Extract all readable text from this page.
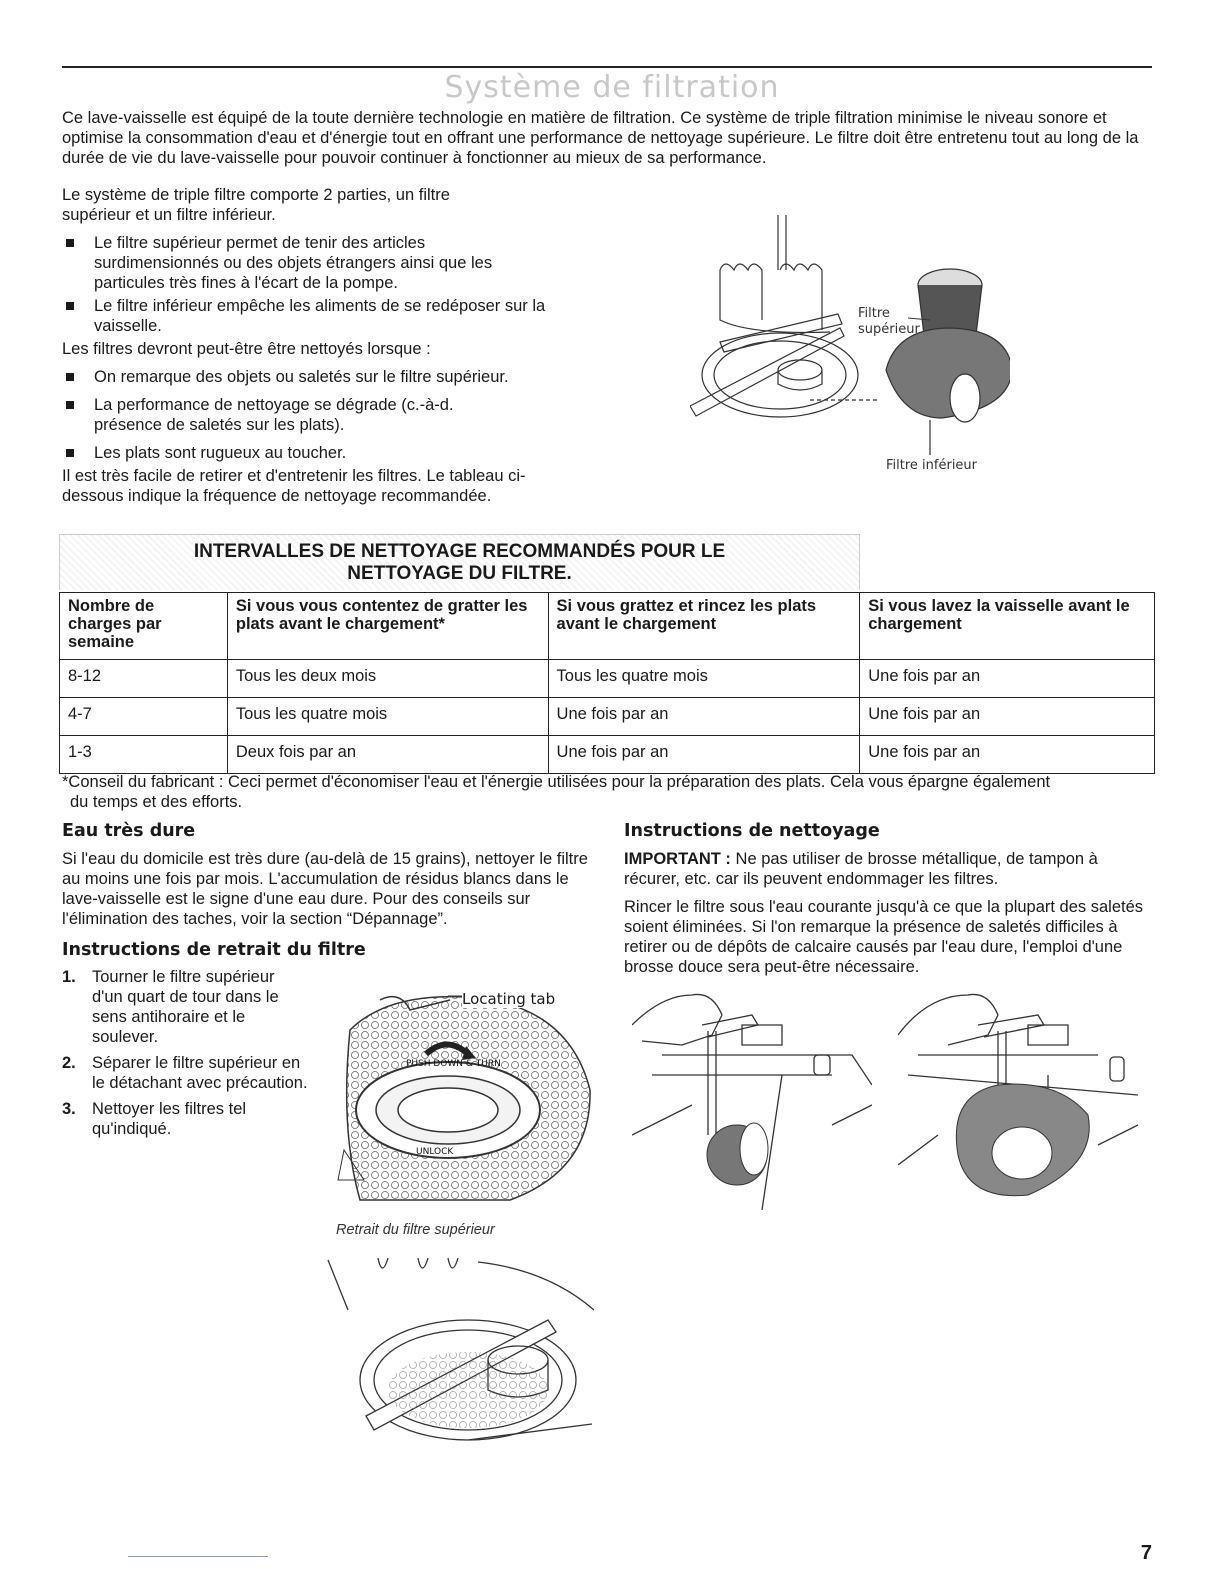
Système de filtration

Ce lave-vaisselle est équipé de la toute dernière technologie en matière de filtration. Ce système de triple filtration minimise le niveau sonore et optimise la consommation d'eau et d'énergie tout en offrant une performance de nettoyage supérieure. Le filtre doit être entretenu tout au long de la durée de vie du lave-vaisselle pour pouvoir continuer à fonctionner au mieux de sa performance.

Le système de triple filtre comporte 2 parties, un filtre supérieur et un filtre inférieur.

Le filtre supérieur permet de tenir des articles surdimensionnés ou des objets étrangers ainsi que les particules très fines à l'écart de la pompe.

Le filtre inférieur empêche les aliments de se redéposer sur la vaisselle.

Les filtres devront peut-être être nettoyés lorsque :

On remarque des objets ou saletés sur le filtre supérieur.

La performance de nettoyage se dégrade (c.-à-d. présence de saletés sur les plats).

Les plats sont rugueux au toucher.

Il est très facile de retirer et d'entretenir les filtres. Le tableau ci-dessous indique la fréquence de nettoyage recommandée.

Filtre
supérieur
Filtre inférieur
INTERVALLES DE NETTOYAGE RECOMMANDÉS POUR LE
NETTOYAGE DU FILTRE.
Nombre de charges par semaine	Si vous vous contentez de gratter les plats avant le chargement*	Si vous grattez et rincez les plats avant le chargement	Si vous lavez la vaisselle avant le chargement
8-12	Tous les deux mois	Tous les quatre mois	Une fois par an
4-7	Tous les quatre mois	Une fois par an	Une fois par an
1-3	Deux fois par an	Une fois par an	Une fois par an
*Conseil du fabricant : Ceci permet d'économiser l'eau et l'énergie utilisées pour la préparation des plats. Cela vous épargne également
du temps et des efforts.
Eau très dure

Si l'eau du domicile est très dure (au-delà de 15 grains), nettoyer le filtre au moins une fois par mois. L'accumulation de résidus blancs dans le lave-vaisselle est le signe d'une eau dure. Pour des conseils sur l'élimination des taches, voir la section “Dépannage”.

Instructions de retrait du filtre
1. Tourner le filtre supérieur d'un quart de tour dans le sens antihoraire et le soulever.
2. Séparer le filtre supérieur en le détachant avec précaution.
3. Nettoyer les filtres tel qu'indiqué.
PUSH DOWN & TURN
UNLOCK
Locating tab
Retrait du filtre supérieur
Instructions de nettoyage

IMPORTANT : Ne pas utiliser de brosse métallique, de tampon à récurer, etc. car ils peuvent endommager les filtres.

Rincer le filtre sous l'eau courante jusqu'à ce que la plupart des saletés soient éliminées. Si l'on remarque la présence de saletés difficiles à retirer ou de dépôts de calcaire causés par l'eau dure, l'emploi d'une brosse douce sera peut-être nécessaire.

7
